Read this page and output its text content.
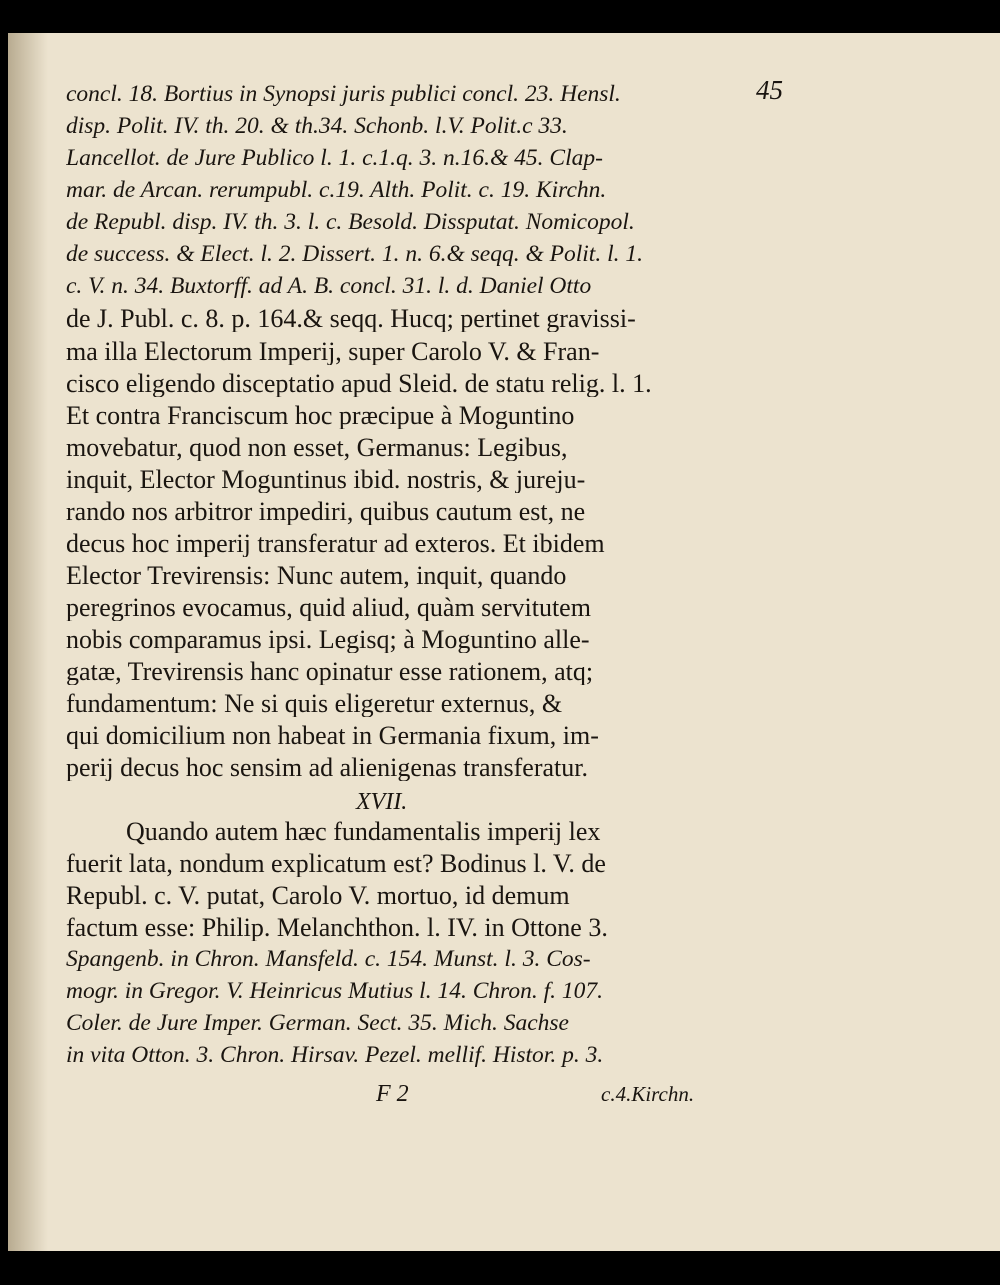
45
concl. 18. Bortius in Synopsi juris publici concl. 23. Hensl.
disp. Polit. IV. th. 20. & th.34. Schonb. l.V. Polit.c 33.
Lancellot. de Jure Publico l. 1. c.1.q. 3. n.16.& 45. Clap-
mar. de Arcan. rerumpubl. c.19. Alth. Polit. c. 19. Kirchn.
de Republ. disp. IV. th. 3. l. c. Besold. Dissputat. Nomicopol.
de success. & Elect. l. 2. Dissert. 1. n. 6.& seqq. & Polit. l. 1.
c. V. n. 34. Buxtorff. ad A. B. concl. 31. l. d. Daniel Otto
de J. Publ. c. 8. p. 164.& seqq. Hucq; pertinet gravissi-
ma illa Electorum Imperij, super Carolo V. & Fran-
cisco eligendo disceptatio apud Sleid. de statu relig. l. 1.
Et contra Franciscum hoc præcipue à Moguntino
movebatur, quod non esset, Germanus: Legibus,
inquit, Elector Moguntinus ibid. nostris, & jureju-
rando nos arbitror impediri, quibus cautum est, ne
decus hoc imperij transferatur ad exteros. Et ibidem
Elector Trevirensis: Nunc autem, inquit, quando
peregrinos evocamus, quid aliud, quàm servitutem
nobis comparamus ipsi. Legisq; à Moguntino alle-
gatæ, Trevirensis hanc opinatur esse rationem, atq;
fundamentum: Ne si quis eligeretur externus, &
qui domicilium non habeat in Germania fixum, im-
perij decus hoc sensim ad alienigenas transferatur.
XVII.
Quando autem hæc fundamentalis imperij lex
fuerit lata, nondum explicatum est? Bodinus l. V. de
Republ. c. V. putat, Carolo V. mortuo, id demum
factum esse: Philip. Melanchthon. l. IV. in Ottone 3.
Spangenb. in Chron. Mansfeld. c. 154. Munst. l. 3. Cos-
mogr. in Gregor. V. Heinricus Mutius l. 14. Chron. f. 107.
Coler. de Jure Imper. German. Sect. 35. Mich. Sachse
in vita Otton. 3. Chron. Hirsav. Pezel. mellif. Histor. p. 3.
F 2	c.4.Kirchn.
